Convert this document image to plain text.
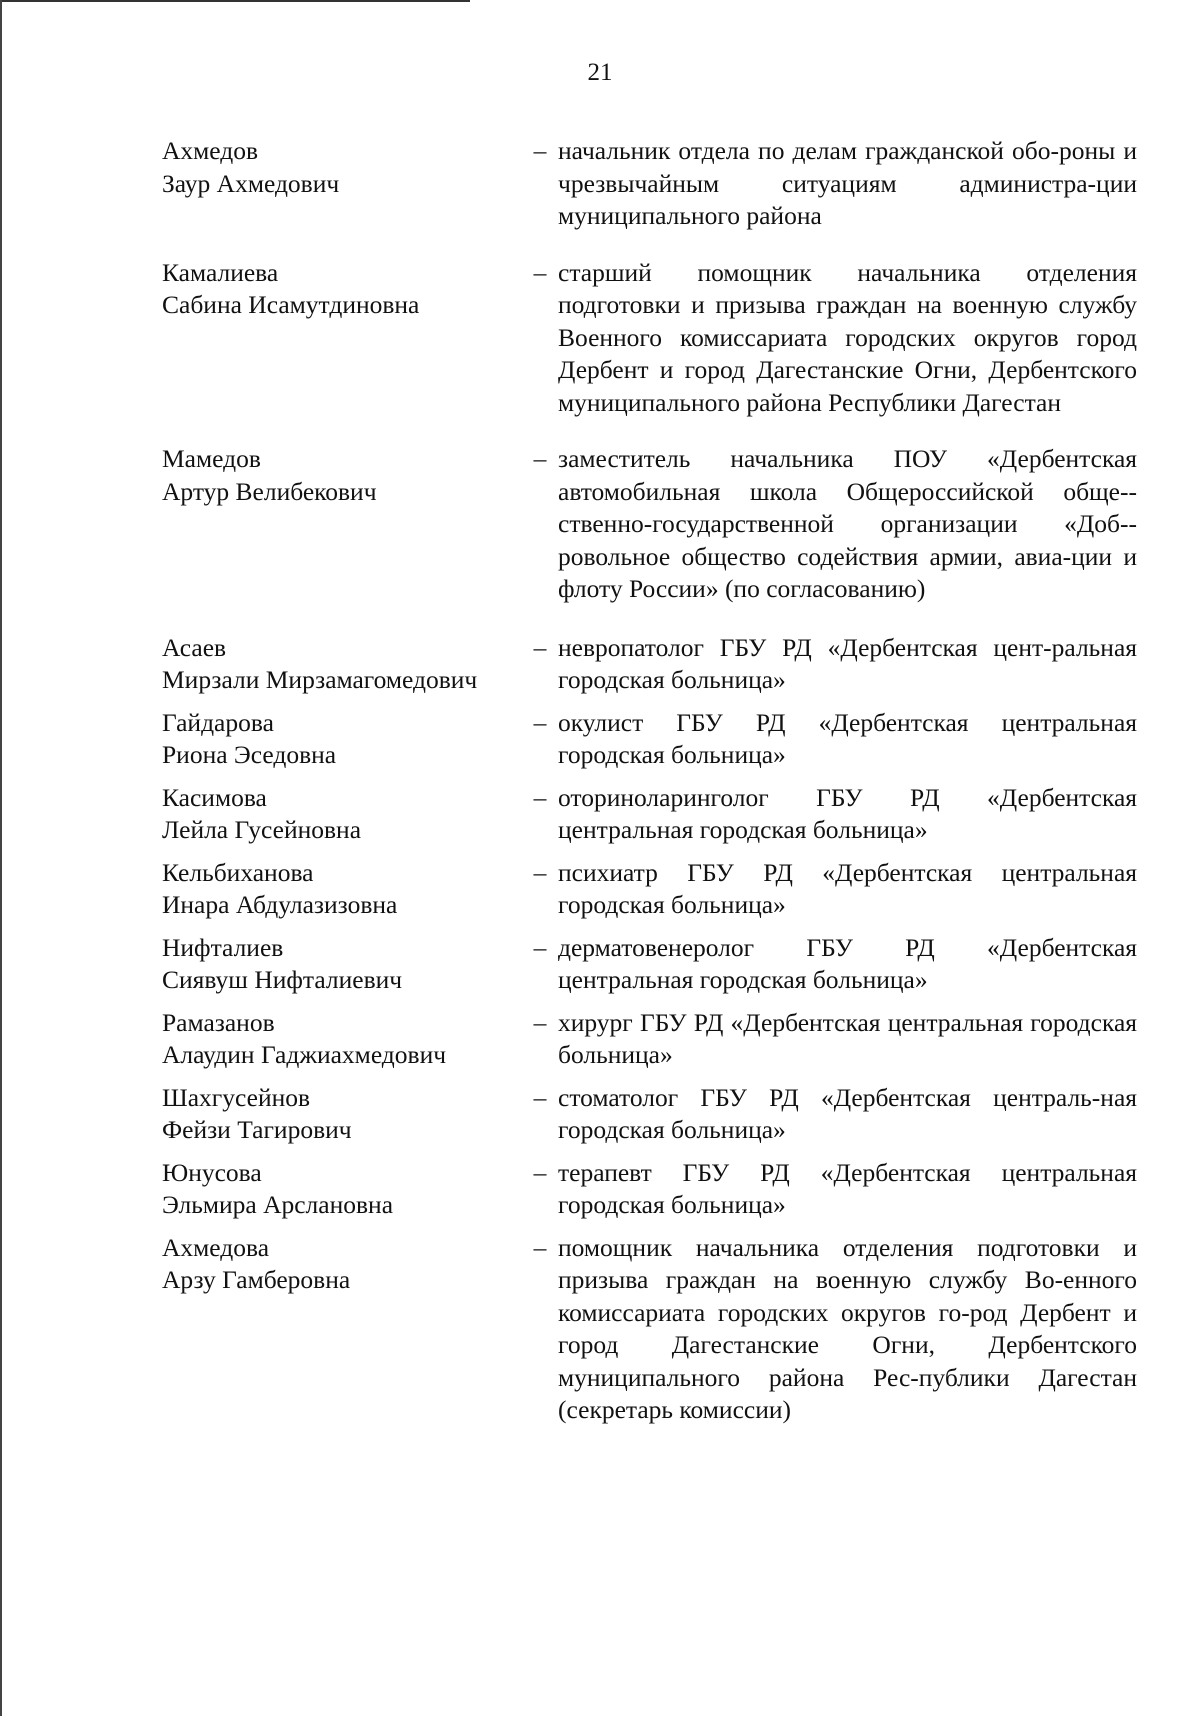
21
Ахмедов
Заур Ахмедович
– начальник отдела по делам гражданской обо-роны и чрезвычайным ситуациям администра-ции муниципального района
Камалиева
Сабина Исамутдиновна
– старший помощник начальника отделения подготовки и призыва граждан на военную службу Военного комиссариата городских округов город Дербент и город Дагестанские Огни, Дербентского муниципального района Республики Дагестан
Мамедов
Артур Велибекович
– заместитель начальника ПОУ «Дербентская автомобильная школа Общероссийской обще-ственно-государственной организации «Доб-ровольное общество содействия армии, авиа-ции и флоту России» (по согласованию)
Асаев
Мирзали Мирзамагомедович
– невропатолог ГБУ РД «Дербентская цент-ральная городская больница»
Гайдарова
Риона Эседовна
– окулист ГБУ РД «Дербентская центральная городская больница»
Касимова
Лейла Гусейновна
– оториноларинголог ГБУ РД «Дербентская центральная городская больница»
Кельбиханова
Инара Абдулазизовна
– психиатр ГБУ РД «Дербентская центральная городская больница»
Нифталиев
Сиявуш Нифталиевич
– дерматовенеролог ГБУ РД «Дербентская центральная городская больница»
Рамазанов
Алаудин Гаджиахмедович
– хирург ГБУ РД «Дербентская центральная городская больница»
Шахгусейнов
Фейзи Тагирович
– стоматолог ГБУ РД «Дербентская централь-ная городская больница»
Юнусова
Эльмира Арслановна
– терапевт ГБУ РД «Дербентская центральная городская больница»
Ахмедова
Арзу Гамберовна
– помощник начальника отделения подготовки и призыва граждан на военную службу Во-енного комиссариата городских округов го-род Дербент и город Дагестанские Огни, Дербентского муниципального района Рес-публики Дагестан (секретарь комиссии)
